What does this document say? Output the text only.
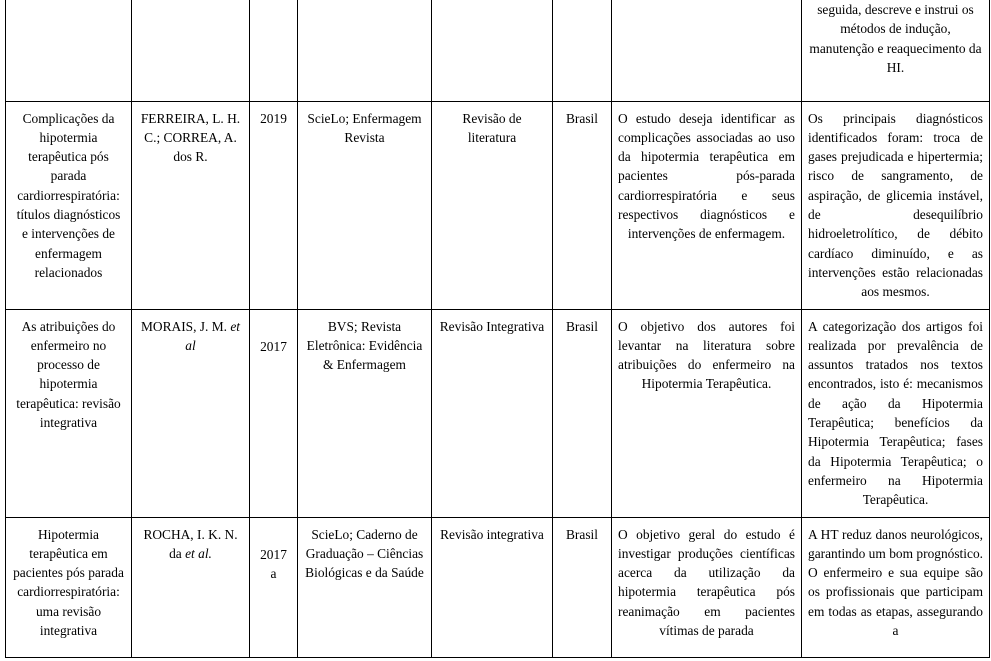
							seguida, descreve e instrui os métodos de indução, manutenção e reaquecimento da HI.
Complicações da hipotermia terapêutica pós parada cardiorrespiratória: títulos diagnósticos e intervenções de enfermagem relacionados	FERREIRA, L. H. C.; CORREA, A. dos R.	2019	ScieLo; Enfermagem Revista	Revisão de literatura	Brasil	O estudo deseja identificar as complicações associadas ao uso da hipotermia terapêutica em pacientes pós-parada cardiorrespiratória e seus respectivos diagnósticos e intervenções de enfermagem.	Os principais diagnósticos identificados foram: troca de gases prejudicada e hipertermia; risco de sangramento, de aspiração, de glicemia instável, de desequilíbrio hidroeletrolítico, de débito cardíaco diminuído, e as intervenções estão relacionadas aos mesmos.
As atribuições do enfermeiro no processo de hipotermia terapêutica: revisão integrativa	MORAIS, J. M. et al	2017	BVS; Revista Eletrônica: Evidência & Enfermagem	Revisão Integrativa	Brasil	O objetivo dos autores foi levantar na literatura sobre atribuições do enfermeiro na Hipotermia Terapêutica.	A categorização dos artigos foi realizada por prevalência de assuntos tratados nos textos encontrados, isto é: mecanismos de ação da Hipotermia Terapêutica; benefícios da Hipotermia Terapêutica; fases da Hipotermia Terapêutica; o enfermeiro na Hipotermia Terapêutica.
Hipotermia terapêutica em pacientes pós parada cardiorrespiratória: uma revisão integrativa	ROCHA, I. K. N. da et al.	2017 a	ScieLo; Caderno de Graduação – Ciências Biológicas e da Saúde	Revisão integrativa	Brasil	O objetivo geral do estudo é investigar produções científicas acerca da utilização da hipotermia terapêutica pós reanimação em pacientes vítimas de parada	A HT reduz danos neurológicos, garantindo um bom prognóstico. O enfermeiro e sua equipe são os profissionais que participam em todas as etapas, assegurando a
